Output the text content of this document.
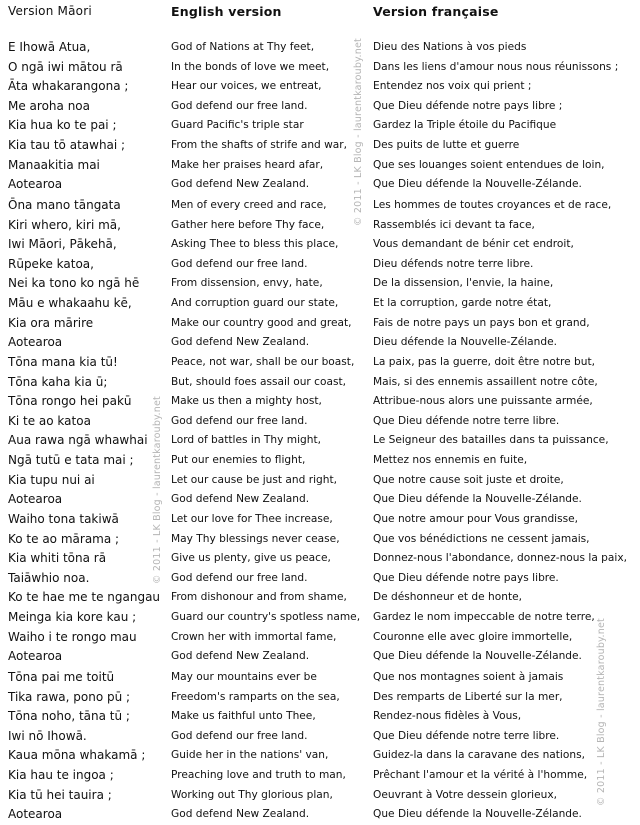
Version Māori
E Ihowā Atua,
O ngā iwi mātou rā
Āta whakarangona ;
Me aroha noa
Kia hua ko te pai ;
Kia tau tō atawhai ;
Manaakitia mai
Aotearoa
Ōna mano tāngata
Kiri whero, kiri mā,
Iwi Māori, Pākehā,
Rūpeke katoa,
Nei ka tono ko ngā hē
Māu e whakaahu kē,
Kia ora mārire
Aotearoa
Tōna mana kia tū!
Tōna kaha kia ū;
Tōna rongo hei pakū
Ki te ao katoa
Aua rawa ngā whawhai
Ngā tutū e tata mai ;
Kia tupu nui ai
Aotearoa
Waiho tona takiwā
Ko te ao mārama ;
Kia whiti tōna rā
Taiāwhio noa.
Ko te hae me te ngangau
Meinga kia kore kau ;
Waiho i te rongo mau
Aotearoa
Tōna pai me toitū
Tika rawa, pono pū ;
Tōna noho, tāna tū ;
Iwi nō Ihowā.
Kaua mōna whakamā ;
Kia hau te ingoa ;
Kia tū hei tauira ;
Aotearoa
English version
God of Nations at Thy feet,
In the bonds of love we meet,
Hear our voices, we entreat,
God defend our free land.
Guard Pacific's triple star
From the shafts of strife and war,
Make her praises heard afar,
God defend New Zealand.
Men of every creed and race,
Gather here before Thy face,
Asking Thee to bless this place,
God defend our free land.
From dissension, envy, hate,
And corruption guard our state,
Make our country good and great,
God defend New Zealand.
Peace, not war, shall be our boast,
But, should foes assail our coast,
Make us then a mighty host,
God defend our free land.
Lord of battles in Thy might,
Put our enemies to flight,
Let our cause be just and right,
God defend New Zealand.
Let our love for Thee increase,
May Thy blessings never cease,
Give us plenty, give us peace,
God defend our free land.
From dishonour and from shame,
Guard our country's spotless name,
Crown her with immortal fame,
God defend New Zealand.
May our mountains ever be
Freedom's ramparts on the sea,
Make us faithful unto Thee,
God defend our free land.
Guide her in the nations' van,
Preaching love and truth to man,
Working out Thy glorious plan,
God defend New Zealand.
Version française
Dieu des Nations à vos pieds
Dans les liens d'amour nous nous réunissons ;
Entendez nos voix qui prient ;
Que Dieu défende notre pays libre ;
Gardez la Triple étoile du Pacifique
Des puits de lutte et guerre
Que ses louanges soient entendues de loin,
Que Dieu défende la Nouvelle-Zélande.
Les hommes de toutes croyances et de race,
Rassemblés ici devant ta face,
Vous demandant de bénir cet endroit,
Dieu défends notre terre libre.
De la dissension, l'envie, la haine,
Et la corruption, garde notre état,
Fais de notre pays un pays bon et grand,
Dieu défende la Nouvelle-Zélande.
La paix, pas la guerre, doit être notre but,
Mais, si des ennemis assaillent notre côte,
Attribue-nous alors une puissante armée,
Que Dieu défende notre terre libre.
Le Seigneur des batailles dans ta puissance,
Mettez nos ennemis en fuite,
Que notre cause soit juste et droite,
Que Dieu défende la Nouvelle-Zélande.
Que notre amour pour Vous grandisse,
Que vos bénédictions ne cessent jamais,
Donnez-nous l'abondance, donnez-nous la paix,
Que Dieu défende notre pays libre.
De déshonneur et de honte,
Gardez le nom impeccable de notre terre,
Couronne elle avec gloire immortelle,
Que Dieu défende la Nouvelle-Zélande.
Que nos montagnes soient à jamais
Des remparts de Liberté sur la mer,
Rendez-nous fidèles à Vous,
Que Dieu défende notre terre libre.
Guidez-la dans la caravane des nations,
Prêchant l'amour et la vérité à l'homme,
Oeuvrant à Votre dessein glorieux,
Que Dieu défende la Nouvelle-Zélande.
© 2011 - LK Blog - laurentkarouby.net
© 2011 - LK Blog - laurentkarouby.net
© 2011 - LK Blog - laurentkarouby.net
